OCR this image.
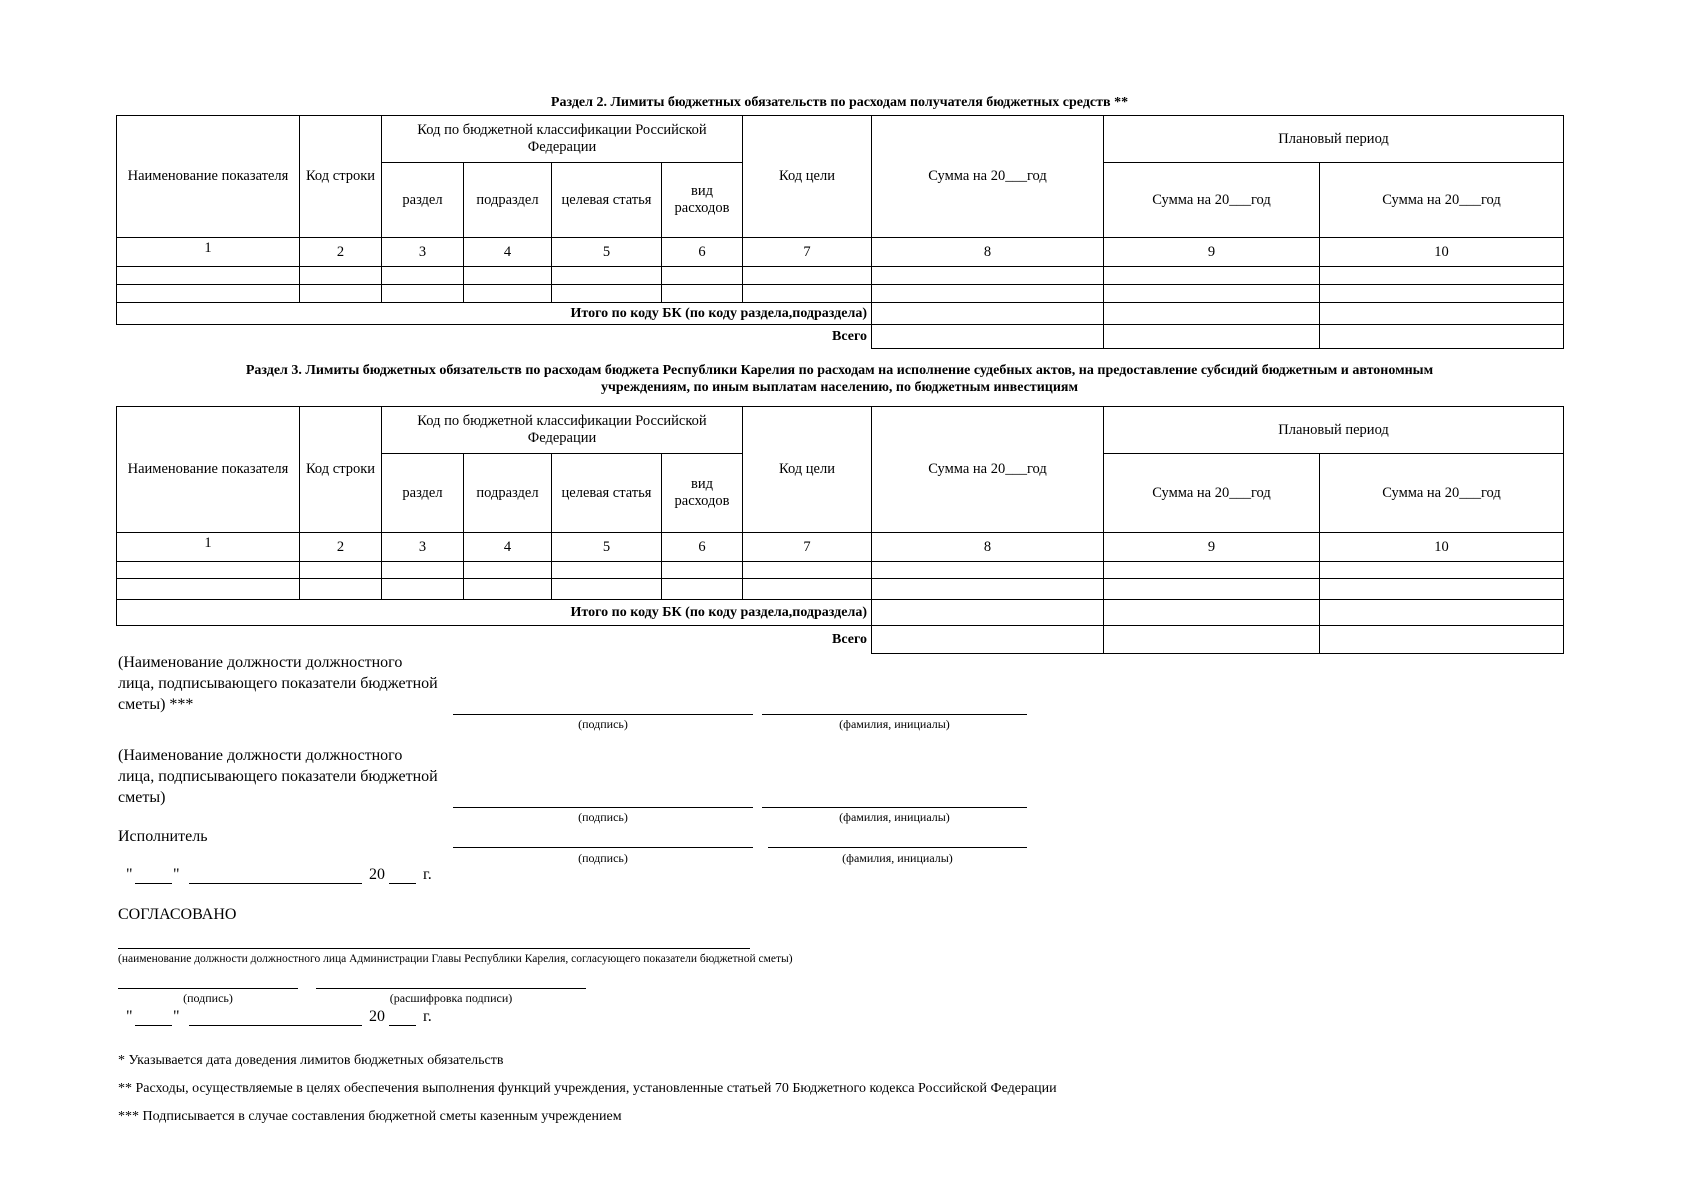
Раздел 2. Лимиты бюджетных обязательств по расходам получателя бюджетных средств **
Наименование показателя	Код строки	Код по бюджетной классификации Российской Федерации				Код цели	Сумма на 20___год	Плановый период	
		раздел	подраздел	целевая статья	вид расходов			Сумма на 20___год	Сумма на 20___год
1	2	3	4	5	6	7	8	9	10

Итого по коду БК (по коду раздела,подраздела)									
Всего									
Раздел 3. Лимиты бюджетных обязательств по расходам бюджета Республики Карелия по расходам на исполнение судебных актов, на предоставление субсидий бюджетным и автономным
учреждениям, по иным выплатам населению, по бюджетным инвестициям
Наименование показателя	Код строки	Код по бюджетной классификации Российской Федерации				Код цели	Сумма на 20___год	Плановый период	
		раздел	подраздел	целевая статья	вид расходов			Сумма на 20___год	Сумма на 20___год
1	2	3	4	5	6	7	8	9	10

Итого по коду БК (по коду раздела,подраздела)									
Всего									
(Наименование должности должностного лица, подписывающего показатели бюджетной сметы) ***
(подпись)	(фамилия, инициалы)
(Наименование должности должностного лица, подписывающего показатели бюджетной сметы)
(подпись)	(фамилия, инициалы)
Исполнитель
(подпись)	(фамилия, инициалы)
"	"	20 г.
СОГЛАСОВАНО
(наименование должности должностного лица Администрации Главы Республики Карелия, согласующего показатели бюджетной сметы)
(подпись)	(расшифровка подписи)
"	"	20 г.
* Указывается дата доведения лимитов бюджетных обязательств
** Расходы, осуществляемые в целях обеспечения выполнения функций учреждения, установленные статьей 70 Бюджетного кодекса Российской Федерации
*** Подписывается в случае составления бюджетной сметы казенным учреждением
